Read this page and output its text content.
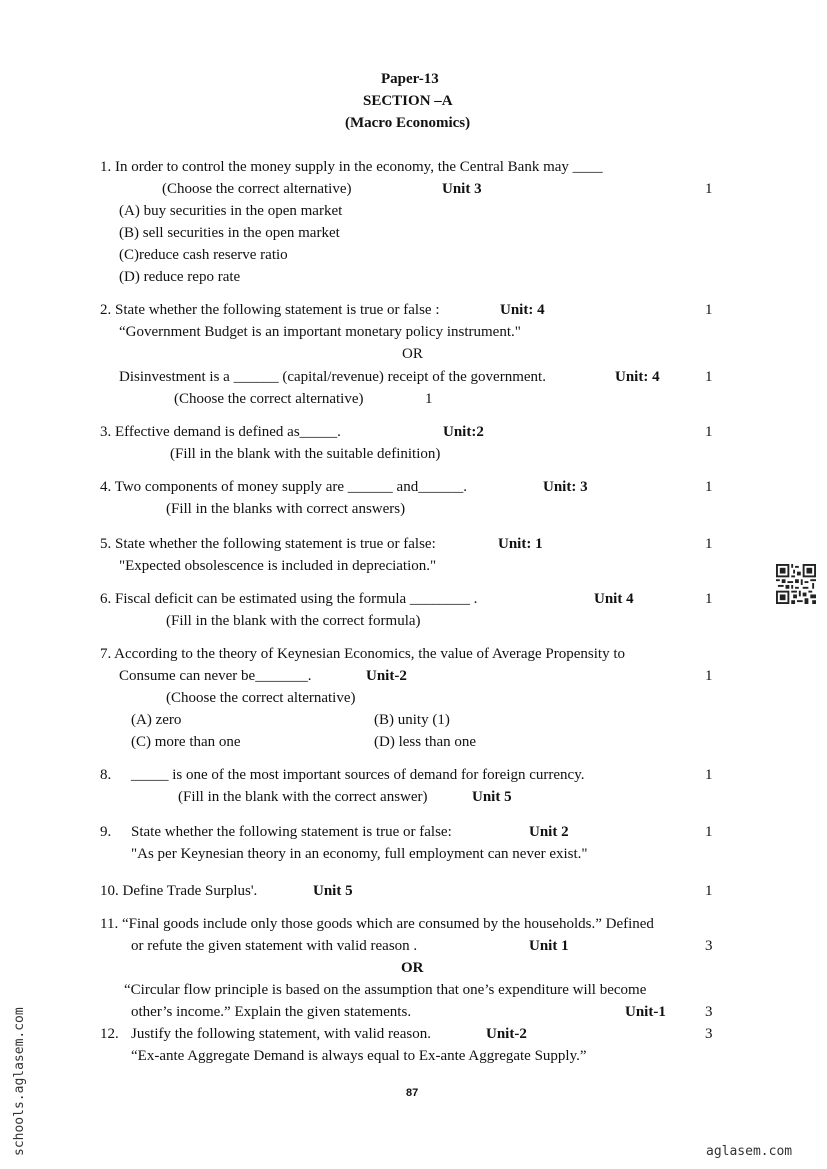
Paper-13
SECTION –A
(Macro Economics)
1. In order to control the money supply in the economy, the Central Bank may ____
(Choose the correct alternative)	Unit 3	1
(A) buy securities in the open market
(B) sell securities in the open market
(C)reduce cash reserve ratio
(D) reduce repo rate
2. State whether the following statement is true or false :	Unit: 4	1
“Government Budget is an important monetary policy instrument."
OR
Disinvestment is a ______ (capital/revenue) receipt of the government.	Unit: 4	1
(Choose the correct alternative)	1
3. Effective demand is defined as_____.	Unit:2	1
(Fill in the blank with the suitable definition)
4. Two components of money supply are ______ and______.	Unit: 3	1
(Fill in the blanks with correct answers)
5. State whether the following statement is true or false:	Unit: 1	1
"Expected obsolescence is included in depreciation."
6. Fiscal deficit can be estimated using the formula ________ .	Unit 4	1
(Fill in the blank with the correct formula)
7. According to the theory of Keynesian Economics, the value of Average Propensity to
Consume can never be_______.	Unit-2	1
(Choose the correct alternative)
(A) zero	(B) unity (1)
(C) more than one	(D) less than one
8. _____ is one of the most important sources of demand for foreign currency.	1
(Fill in the blank with the correct answer)	Unit 5
9. State whether the following statement is true or false:	Unit 2	1
"As per Keynesian theory in an economy, full employment can never exist."
10. Define Trade Surplus'.	Unit 5	1
11. “Final goods include only those goods which are consumed by the households.” Defined
or refute the given statement with valid reason .	Unit 1	3
OR
“Circular flow principle is based on the assumption that one’s expenditure will become
other’s income.” Explain the given statements.	Unit-1	3
12. Justify the following statement, with valid reason.	Unit-2	3
“Ex-ante Aggregate Demand is always equal to Ex-ante Aggregate Supply.”
87
aglasem.com
schools.aglasem.com
